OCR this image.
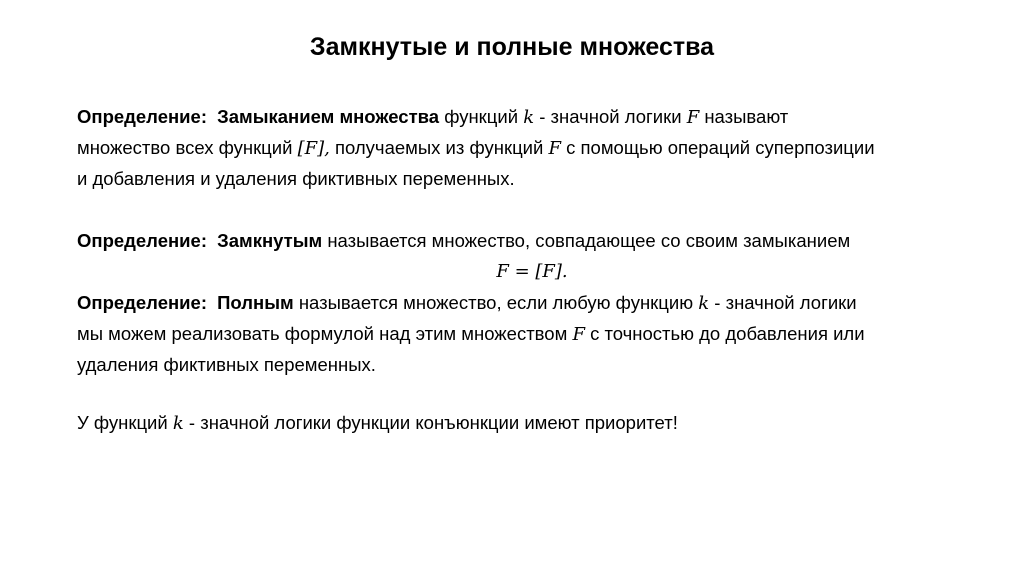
Замкнутые и полные множества
Определение: Замыканием множества функций k - значной логики F называют
множество всех функций [F], получаемых из функций F с помощью операций суперпозиции
и добавления и удаления фиктивных переменных.
Определение: Замкнутым называется множество, совпадающее со своим замыканием
F = [F].
Определение: Полным называется множество, если любую функцию k - значной логики
мы можем реализовать формулой над этим множеством F с точностью до добавления или
удаления фиктивных переменных.
У функций k - значной логики функции конъюнкции имеют приоритет!
